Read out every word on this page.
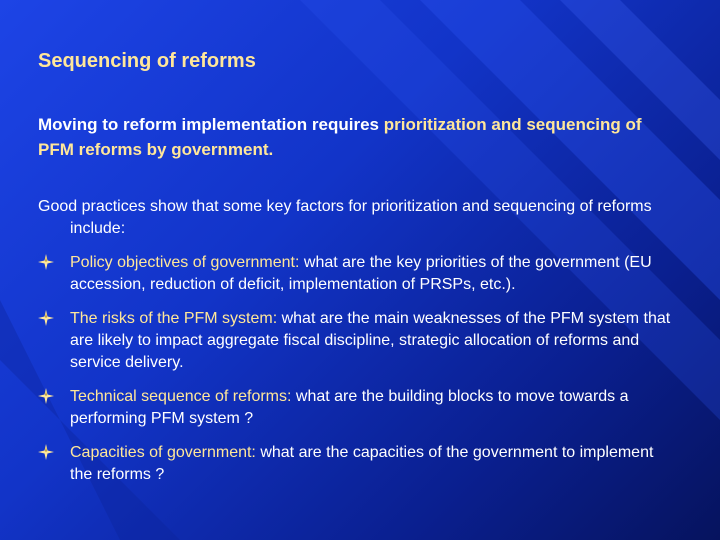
Sequencing of reforms
Moving to reform implementation requires prioritization and sequencing of PFM reforms by government.
Good practices show that some key factors for prioritization and sequencing of reforms include:
Policy objectives of government: what are the key priorities of the government (EU accession, reduction of deficit, implementation of PRSPs, etc.).
The risks of the PFM system: what are the main weaknesses of the PFM system that are likely to impact aggregate fiscal discipline, strategic allocation of reforms and service delivery.
Technical sequence of reforms: what are the building blocks to move towards a performing PFM system ?
Capacities of government: what are the capacities of the government to implement the reforms ?
